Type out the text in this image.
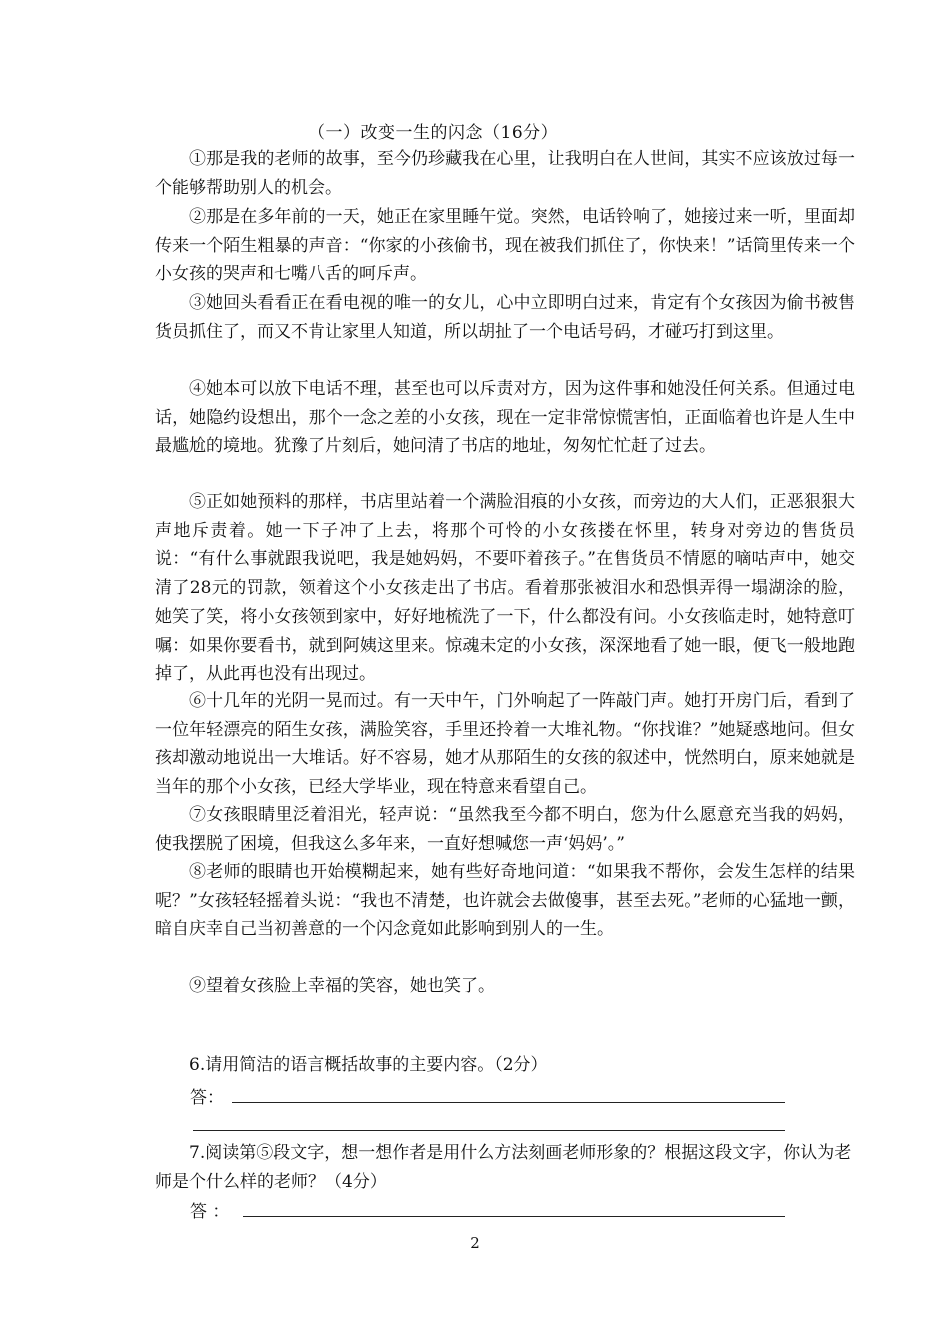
（一）改变一生的闪念（16分）

①那是我的老师的故事，至今仍珍藏我在心里，让我明白在人世间，其实不应该放过每一个能够帮助别人的机会。

②那是在多年前的一天，她正在家里睡午觉。突然，电话铃响了，她接过来一听，里面却传来一个陌生粗暴的声音：“你家的小孩偷书，现在被我们抓住了，你快来！”话筒里传来一个小女孩的哭声和七嘴八舌的呵斥声。

③她回头看看正在看电视的唯一的女儿，心中立即明白过来，肯定有个女孩因为偷书被售货员抓住了，而又不肯让家里人知道，所以胡扯了一个电话号码，才碰巧打到这里。

④她本可以放下电话不理，甚至也可以斥责对方，因为这件事和她没任何关系。但通过电话，她隐约设想出，那个一念之差的小女孩，现在一定非常惊慌害怕，正面临着也许是人生中最尴尬的境地。犹豫了片刻后，她问清了书店的地址，匆匆忙忙赶了过去。

⑤正如她预料的那样，书店里站着一个满脸泪痕的小女孩，而旁边的大人们，正恶狠狠大声地斥责着。她一下子冲了上去，将那个可怜的小女孩搂在怀里，转身对旁边的售货员说：“有什么事就跟我说吧，我是她妈妈，不要吓着孩子。”在售货员不情愿的嘀咕声中，她交清了28元的罚款，领着这个小女孩走出了书店。看着那张被泪水和恐惧弄得一塌湖涂的脸，她笑了笑，将小女孩领到家中，好好地梳洗了一下，什么都没有问。小女孩临走时，她特意叮嘱：如果你要看书，就到阿姨这里来。惊魂未定的小女孩，深深地看了她一眼，便飞一般地跑掉了，从此再也没有出现过。

⑥十几年的光阴一晃而过。有一天中午，门外响起了一阵敲门声。她打开房门后，看到了一位年轻漂亮的陌生女孩，满脸笑容，手里还拎着一大堆礼物。“你找谁？”她疑惑地问。但女孩却激动地说出一大堆话。好不容易，她才从那陌生的女孩的叙述中，恍然明白，原来她就是当年的那个小女孩，已经大学毕业，现在特意来看望自己。

⑦女孩眼睛里泛着泪光，轻声说：“虽然我至今都不明白，您为什么愿意充当我的妈妈，使我摆脱了困境，但我这么多年来，一直好想喊您一声‘妈妈’。”

⑧老师的眼睛也开始模糊起来，她有些好奇地问道：“如果我不帮你，会发生怎样的结果呢？”女孩轻轻摇着头说：“我也不清楚，也许就会去做傻事，甚至去死。”老师的心猛地一颤，暗自庆幸自己当初善意的一个闪念竟如此影响到别人的一生。

⑨望着女孩脸上幸福的笑容，她也笑了。

6.请用简洁的语言概括故事的主要内容。（2分）

答：

7.阅读第⑤段文字，想一想作者是用什么方法刻画老师形象的？根据这段文字，你认为老师是个什么样的老师？（4分）

答 ：
2
